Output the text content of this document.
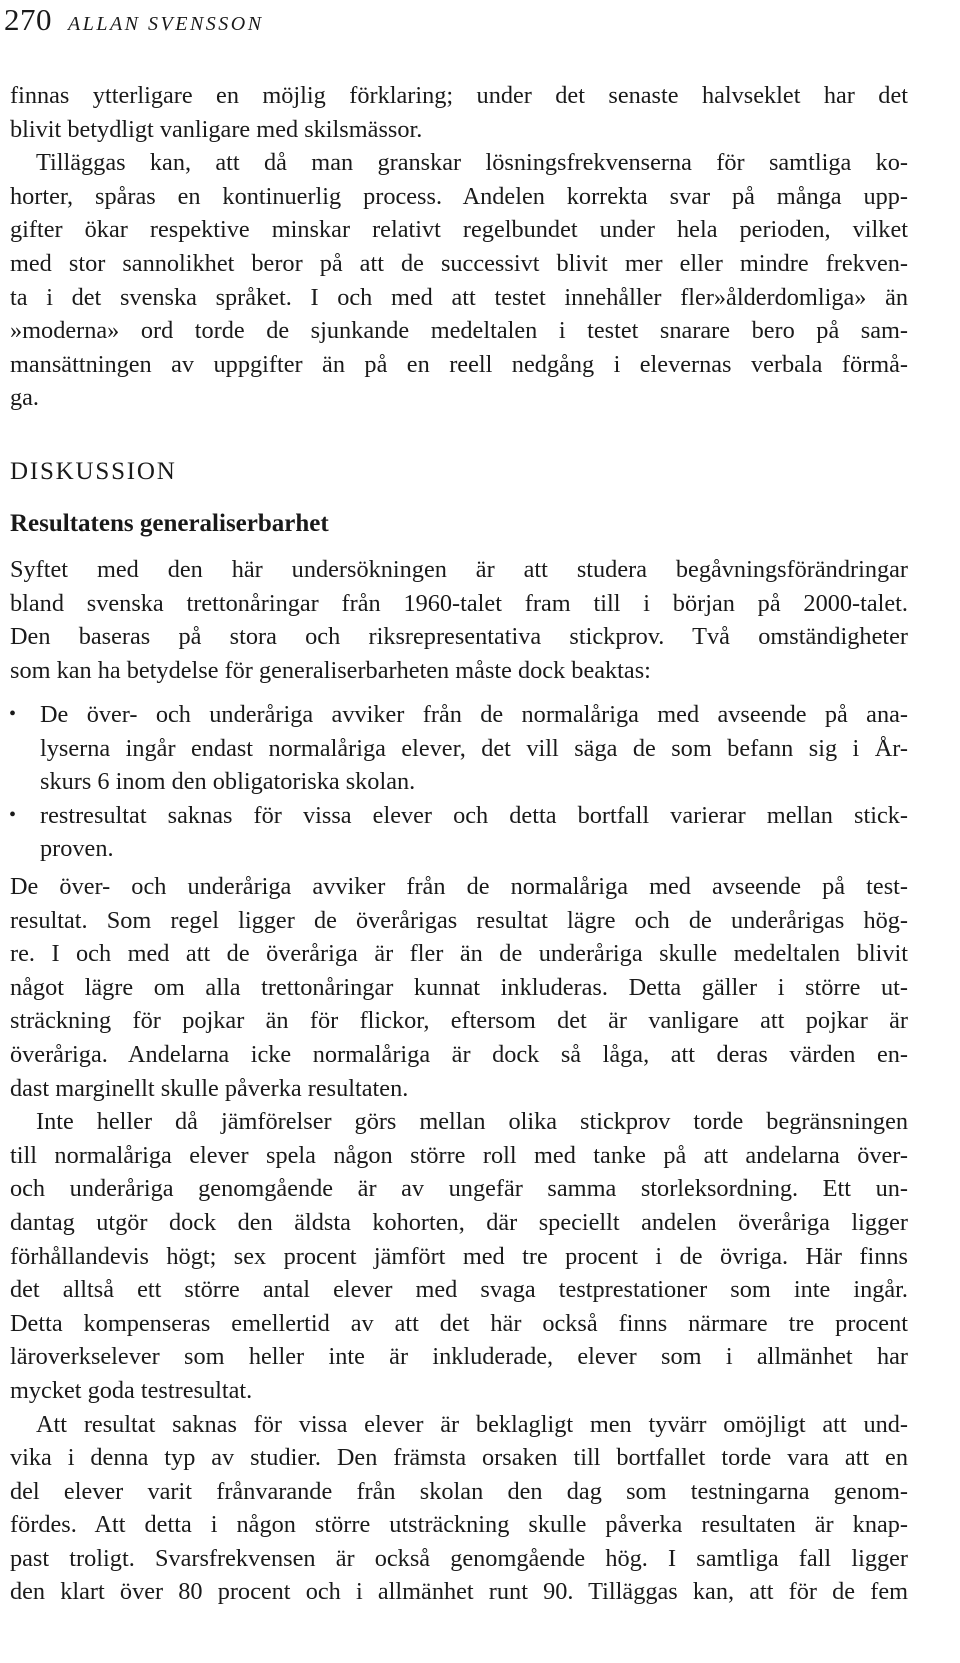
270 ALLAN SVENSSON
finnas ytterligare en möjlig förklaring; under det senaste halvseklet har det
blivit betydligt vanligare med skilsmässor.
Tilläggas kan, att då man granskar lösningsfrekvenserna för samtliga ko-
horter, spåras en kontinuerlig process. Andelen korrekta svar på många upp-
gifter ökar respektive minskar relativt regelbundet under hela perioden, vilket
med stor sannolikhet beror på att de successivt blivit mer eller mindre frekven-
ta i det svenska språket. I och med att testet innehåller fler»ålderdomliga» än
»moderna» ord torde de sjunkande medeltalen i testet snarare bero på sam-
mansättningen av uppgifter än på en reell nedgång i elevernas verbala förmå-
ga.
DISKUSSION
Resultatens generaliserbarhet
Syftet med den här undersökningen är att studera begåvningsförändringar
bland svenska trettonåringar från 1960-talet fram till i början på 2000-talet.
Den baseras på stora och riksrepresentativa stickprov. Två omständigheter
som kan ha betydelse för generaliserbarheten måste dock beaktas:
• De över- och underåriga avviker från de normalåriga med avseende på ana-
lyserna ingår endast normalåriga elever, det vill säga de som befann sig i År-
skurs 6 inom den obligatoriska skolan.
• restresultat saknas för vissa elever och detta bortfall varierar mellan stick-
proven.
De över- och underåriga avviker från de normalåriga med avseende på test-
resultat. Som regel ligger de överårigas resultat lägre och de underårigas hög-
re. I och med att de överåriga är fler än de underåriga skulle medeltalen blivit
något lägre om alla trettonåringar kunnat inkluderas. Detta gäller i större ut-
sträckning för pojkar än för flickor, eftersom det är vanligare att pojkar är
överåriga. Andelarna icke normalåriga är dock så låga, att deras värden en-
dast marginellt skulle påverka resultaten.
Inte heller då jämförelser görs mellan olika stickprov torde begränsningen
till normalåriga elever spela någon större roll med tanke på att andelarna över-
och underåriga genomgående är av ungefär samma storleksordning. Ett un-
dantag utgör dock den äldsta kohorten, där speciellt andelen överåriga ligger
förhållandevis högt; sex procent jämfört med tre procent i de övriga. Här finns
det alltså ett större antal elever med svaga testprestationer som inte ingår.
Detta kompenseras emellertid av att det här också finns närmare tre procent
läroverkselever som heller inte är inkluderade, elever som i allmänhet har
mycket goda testresultat.
Att resultat saknas för vissa elever är beklagligt men tyvärr omöjligt att und-
vika i denna typ av studier. Den främsta orsaken till bortfallet torde vara att en
del elever varit frånvarande från skolan den dag som testningarna genom-
fördes. Att detta i någon större utsträckning skulle påverka resultaten är knap-
past troligt. Svarsfrekvensen är också genomgående hög. I samtliga fall ligger
den klart över 80 procent och i allmänhet runt 90. Tilläggas kan, att för de fem
